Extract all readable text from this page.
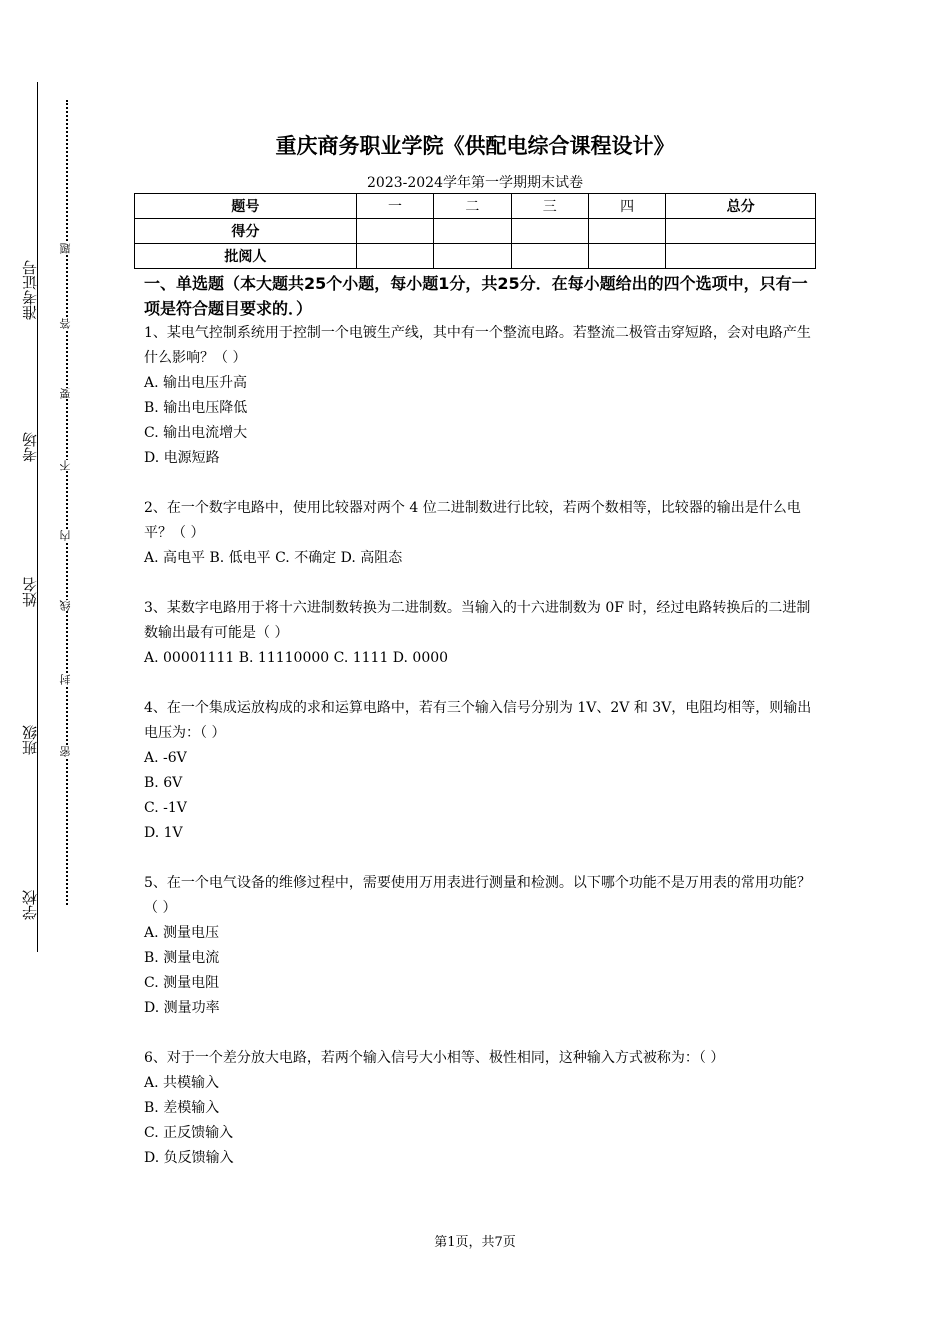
准考证号
考场
姓名
班级
学校
题
答
要
不
内
线
封
密
重庆商务职业学院《供配电综合课程设计》
2023-2024学年第一学期期末试卷
题号	一	二	三	四	总分
得分					
批阅人					
一、单选题（本大题共25个小题，每小题1分，共25分．在每小题给出的四个选项中，只有一项是符合题目要求的．）

1、某电气控制系统用于控制一个电镀生产线，其中有一个整流电路。若整流二极管击穿短路，会对电路产生什么影响？（ ）

A. 输出电压升高

B. 输出电压降低

C. 输出电流增大

D. 电源短路

2、在一个数字电路中，使用比较器对两个 4 位二进制数进行比较，若两个数相等，比较器的输出是什么电平？（ ）

A. 高电平 B. 低电平 C. 不确定 D. 高阻态

3、某数字电路用于将十六进制数转换为二进制数。当输入的十六进制数为 0F 时，经过电路转换后的二进制数输出最有可能是（ ）

A. 00001111 B. 11110000 C. 1111 D. 0000

4、在一个集成运放构成的求和运算电路中，若有三个输入信号分别为 1V、2V 和 3V，电阻均相等，则输出电压为：（ ）

A. -6V

B. 6V

C. -1V

D. 1V

5、在一个电气设备的维修过程中，需要使用万用表进行测量和检测。以下哪个功能不是万用表的常用功能？（ ）

A. 测量电压

B. 测量电流

C. 测量电阻

D. 测量功率

6、对于一个差分放大电路，若两个输入信号大小相等、极性相同，这种输入方式被称为：（ ）

A. 共模输入

B. 差模输入

C. 正反馈输入

D. 负反馈输入

第1页，共7页
